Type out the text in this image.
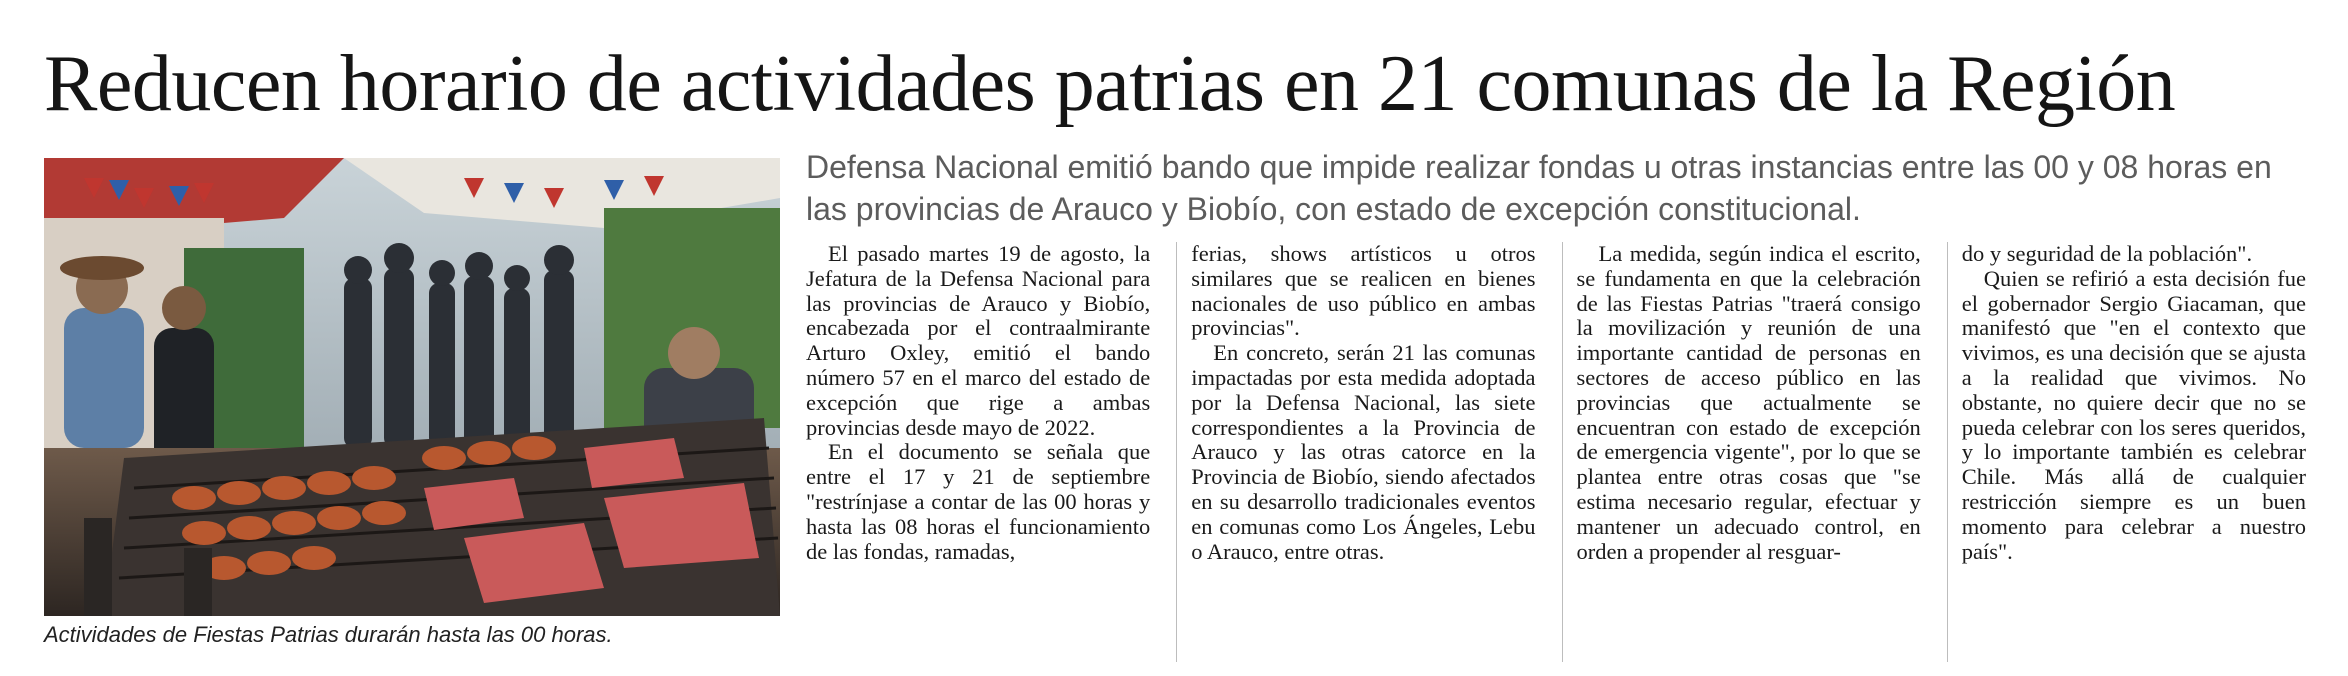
Reducen horario de actividades patrias en 21 comunas de la Región
Actividades de Fiestas Patrias durarán hasta las 00 horas.

Defensa Nacional emitió bando que impide realizar fondas u otras instancias entre las 00 y 08 horas en las provincias de Arauco y Biobío, con estado de excepción constitucional.

El pasado martes 19 de agosto, la Jefatura de la Defensa Nacional para las provincias de Arauco y Biobío, encabezada por el contraalmirante Arturo Oxley, emitió el bando número 57 en el marco del estado de excepción que rige a ambas provincias desde mayo de 2022.

En el documento se señala que entre el 17 y 21 de septiembre "restrínjase a contar de las 00 horas y hasta las 08 horas el funcionamiento de las fondas, ramadas,

ferias, shows artísticos u otros similares que se realicen en bienes nacionales de uso público en ambas provincias".

En concreto, serán 21 las comunas impactadas por esta medida adoptada por la Defensa Nacional, las siete correspondientes a la Provincia de Arauco y las otras catorce en la Provincia de Biobío, siendo afectados en su desarrollo tradicionales eventos en comunas como Los Ángeles, Lebu o Arauco, entre otras.

La medida, según indica el escrito, se fundamenta en que la celebración de las Fiestas Patrias "traerá consigo la movilización y reunión de una importante cantidad de personas en sectores de acceso público en las provincias que actualmente se encuentran con estado de excepción de emergencia vigente", por lo que se plantea entre otras cosas que "se estima necesario regular, efectuar y mantener un adecuado control, en orden a propender al resguar-

do y seguridad de la población".

Quien se refirió a esta decisión fue el gobernador Sergio Giacaman, que manifestó que "en el contexto que vivimos, es una decisión que se ajusta a la realidad que vivimos. No obstante, no quiere decir que no se pueda celebrar con los seres queridos, y lo importante también es celebrar Chile. Más allá de cualquier restricción siempre es un buen momento para celebrar a nuestro país".
